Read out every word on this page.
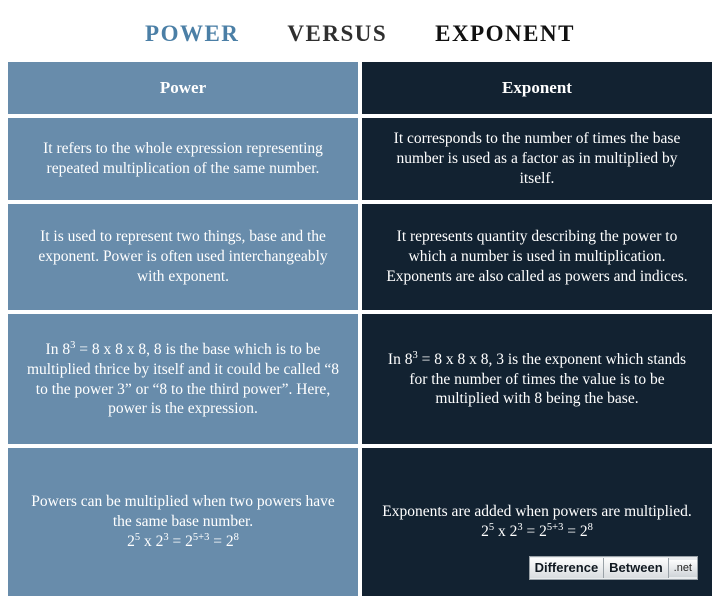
POWER VERSUS EXPONENT
Power	Exponent
It refers to the whole expression representing repeated multiplication of the same number.
It corresponds to the number of times the base number is used as a factor as in multiplied by itself.
It is used to represent two things, base and the exponent. Power is often used interchangeably with exponent.
It represents quantity describing the power to which a number is used in multiplication. Exponents are also called as powers and indices.
In $8^3 = 8$ x 8 x 8, 8 is the base which is to be multiplied thrice by itself and it could be called “8 to the power 3” or “8 to the third power”. Here, power is the expression.
In $8^3 = 8$ x 8 x 8, 3 is the exponent which stands for the number of times the value is to be multiplied with 8 being the base.
Powers can be multiplied when two powers have the same base number.
$2^5$ x $2^3 = 2^{5+3} = 2^8$
Exponents are added when powers are multiplied.
$2^5$ x $2^3 = 2^{5+3} = 2^8$
Difference Between	.net
